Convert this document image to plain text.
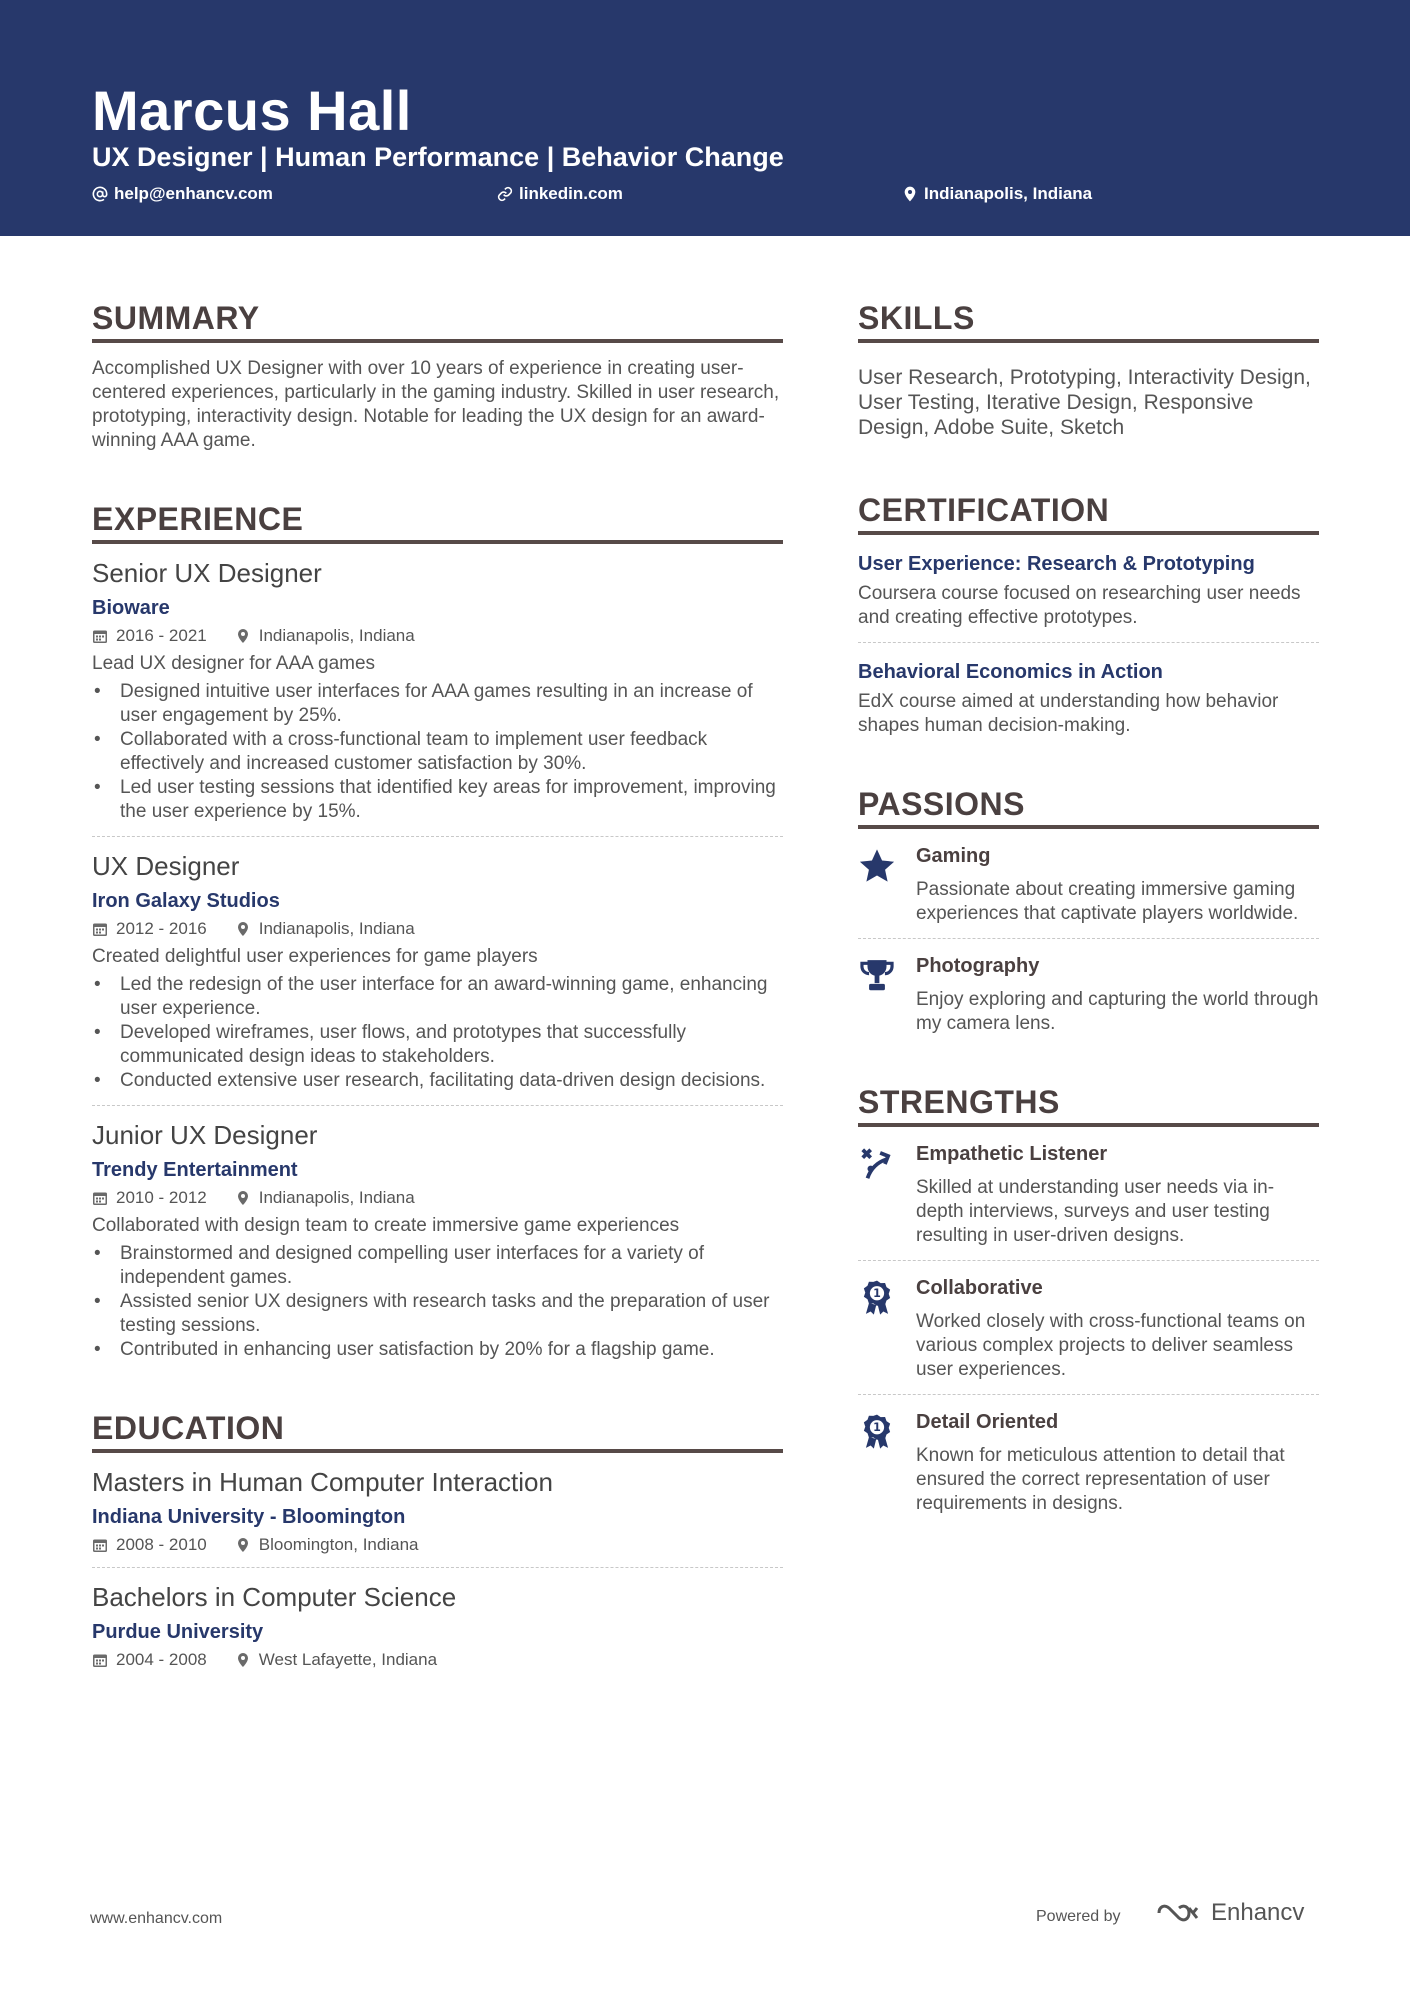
Marcus Hall
UX Designer | Human Performance | Behavior Change
help@enhancv.com	linkedin.com	Indianapolis, Indiana
SUMMARY
Accomplished UX Designer with over 10 years of experience in creating user-centered experiences, particularly in the gaming industry. Skilled in user research, prototyping, interactivity design. Notable for leading the UX design for an award-winning AAA game.
EXPERIENCE
Senior UX Designer
Bioware
2016 - 2021	Indianapolis, Indiana
Lead UX designer for AAA games
• Designed intuitive user interfaces for AAA games resulting in an increase of user engagement by 25%.
• Collaborated with a cross-functional team to implement user feedback effectively and increased customer satisfaction by 30%.
• Led user testing sessions that identified key areas for improvement, improving the user experience by 15%.
UX Designer
Iron Galaxy Studios
2012 - 2016	Indianapolis, Indiana
Created delightful user experiences for game players
• Led the redesign of the user interface for an award-winning game, enhancing user experience.
• Developed wireframes, user flows, and prototypes that successfully communicated design ideas to stakeholders.
• Conducted extensive user research, facilitating data-driven design decisions.
Junior UX Designer
Trendy Entertainment
2010 - 2012	Indianapolis, Indiana
Collaborated with design team to create immersive game experiences
• Brainstormed and designed compelling user interfaces for a variety of independent games.
• Assisted senior UX designers with research tasks and the preparation of user testing sessions.
• Contributed in enhancing user satisfaction by 20% for a flagship game.
EDUCATION
Masters in Human Computer Interaction
Indiana University - Bloomington
2008 - 2010	Bloomington, Indiana
Bachelors in Computer Science
Purdue University
2004 - 2008	West Lafayette, Indiana
SKILLS
User Research, Prototyping, Interactivity Design, User Testing, Iterative Design, Responsive Design, Adobe Suite, Sketch
CERTIFICATION
User Experience: Research & Prototyping
Coursera course focused on researching user needs and creating effective prototypes.
Behavioral Economics in Action
EdX course aimed at understanding how behavior shapes human decision-making.
PASSIONS
Gaming
Passionate about creating immersive gaming experiences that captivate players worldwide.
Photography
Enjoy exploring and capturing the world through my camera lens.
STRENGTHS
Empathetic Listener
Skilled at understanding user needs via in-depth interviews, surveys and user testing resulting in user-driven designs.
1 Collaborative
Worked closely with cross-functional teams on various complex projects to deliver seamless user experiences.
1 Detail Oriented
Known for meticulous attention to detail that ensured the correct representation of user requirements in designs.
www.enhancv.com	Powered by	Enhancv
